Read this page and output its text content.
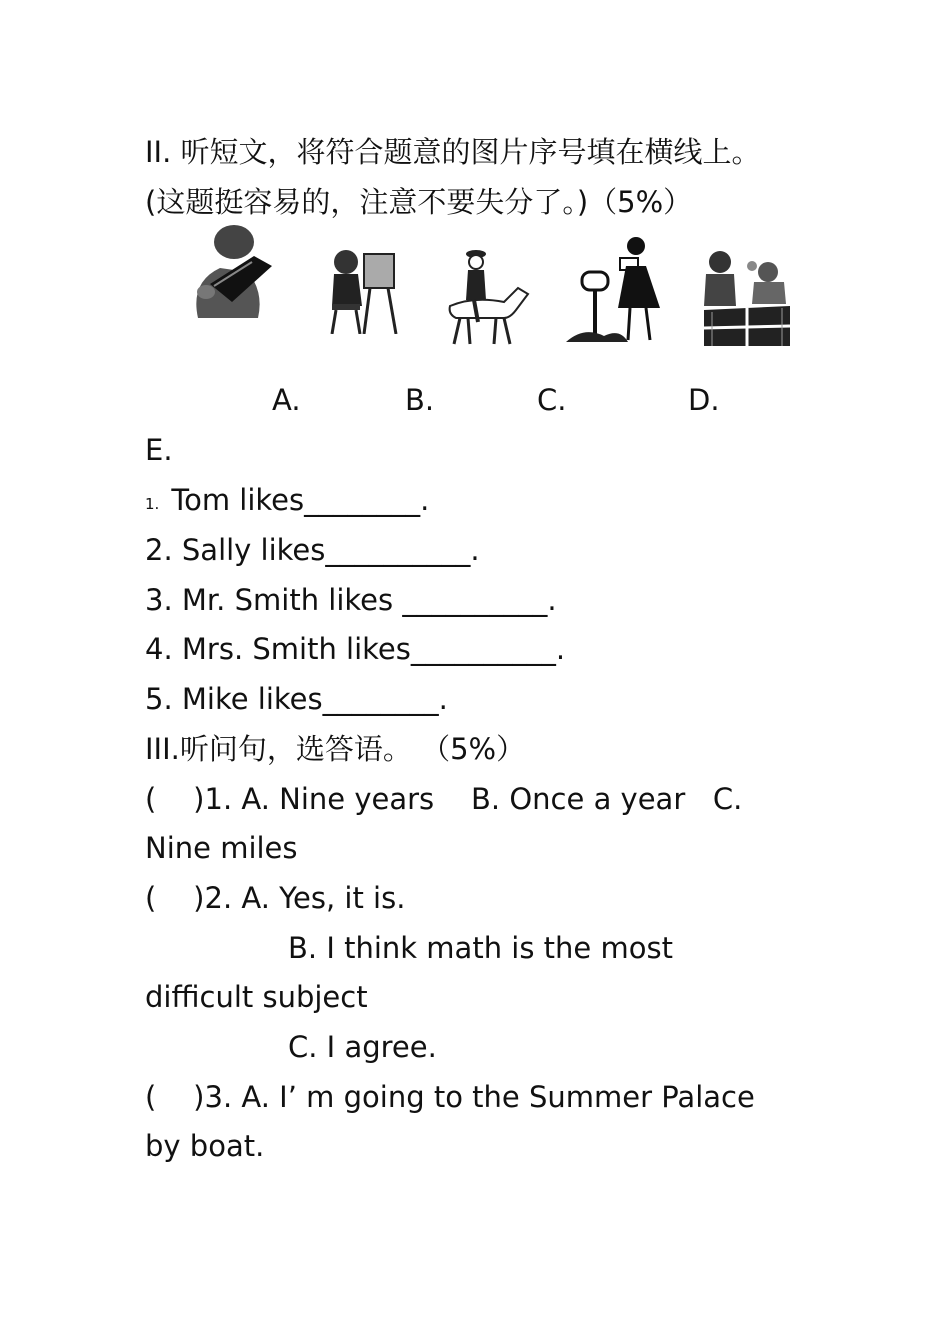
II. 听短文，将符合题意的图片序号填在横线上。
(这题挺容易的，注意不要失分了。)（5%）
A.	B.	C.	D.
E.
1. Tom likes________.
2. Sally likes__________.
3. Mr. Smith likes __________.
4. Mrs. Smith likes__________.
5. Mike likes________.
III.听问句，选答语。 （5%）
(    )1. A. Nine years    B. Once a year   C.
Nine miles
(    )2. A. Yes, it is.
B. I think math is the most
difficult subject
C. I agree.
(    )3. A. I’ m going to the Summer Palace
by boat.
